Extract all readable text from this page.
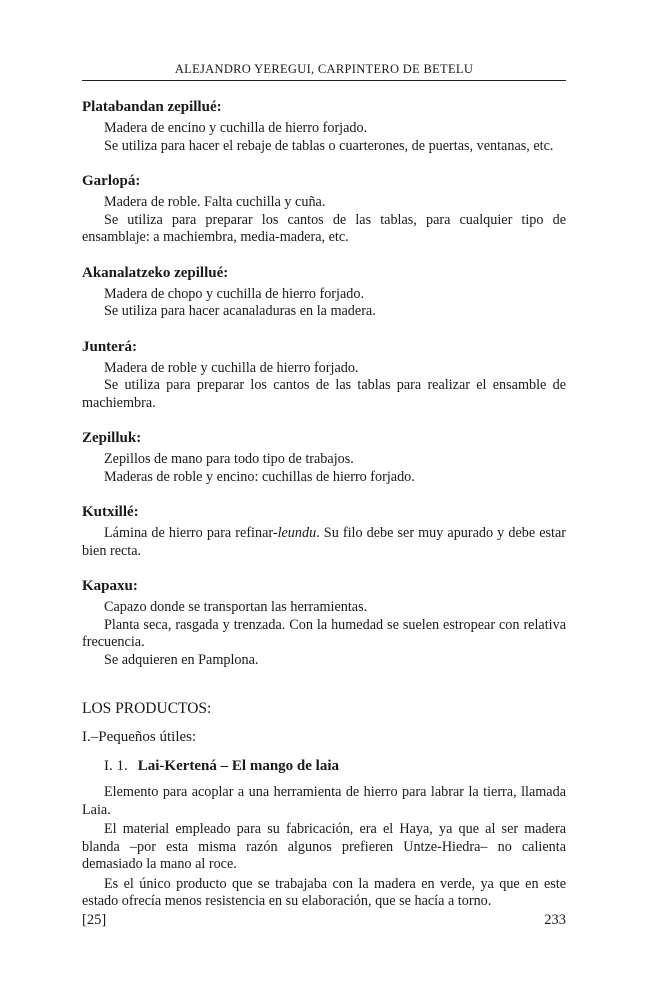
ALEJANDRO YEREGUI, CARPINTERO DE BETELU
Platabandan zepillué:

Madera de encino y cuchilla de hierro forjado.

Se utiliza para hacer el rebaje de tablas o cuarterones, de puertas, ventanas, etc.

Garlopá:

Madera de roble. Falta cuchilla y cuña.

Se utiliza para preparar los cantos de las tablas, para cualquier tipo de ensamblaje: a machiembra, media-madera, etc.

Akanalatzeko zepillué:

Madera de chopo y cuchilla de hierro forjado.

Se utiliza para hacer acanaladuras en la madera.

Junterá:

Madera de roble y cuchilla de hierro forjado.

Se utiliza para preparar los cantos de las tablas para realizar el ensamble de machiembra.

Zepilluk:

Zepillos de mano para todo tipo de trabajos.

Maderas de roble y encino: cuchillas de hierro forjado.

Kutxillé:

Lámina de hierro para refinar-leundu. Su filo debe ser muy apurado y debe estar bien recta.

Kapaxu:

Capazo donde se transportan las herramientas.

Planta seca, rasgada y trenzada. Con la humedad se suelen estropear con relativa frecuencia.

Se adquieren en Pamplona.

LOS PRODUCTOS:
I.–Pequeños útiles:
I. 1. Lai-Kertená – El mango de laia

Elemento para acoplar a una herramienta de hierro para labrar la tierra, llamada Laia.

El material empleado para su fabricación, era el Haya, ya que al ser madera blanda –por esta misma razón algunos prefieren Untze-Hiedra– no calienta demasiado la mano al roce.

Es el único producto que se trabajaba con la madera en verde, ya que en este estado ofrecía menos resistencia en su elaboración, que se hacía a torno.

[25]	233
